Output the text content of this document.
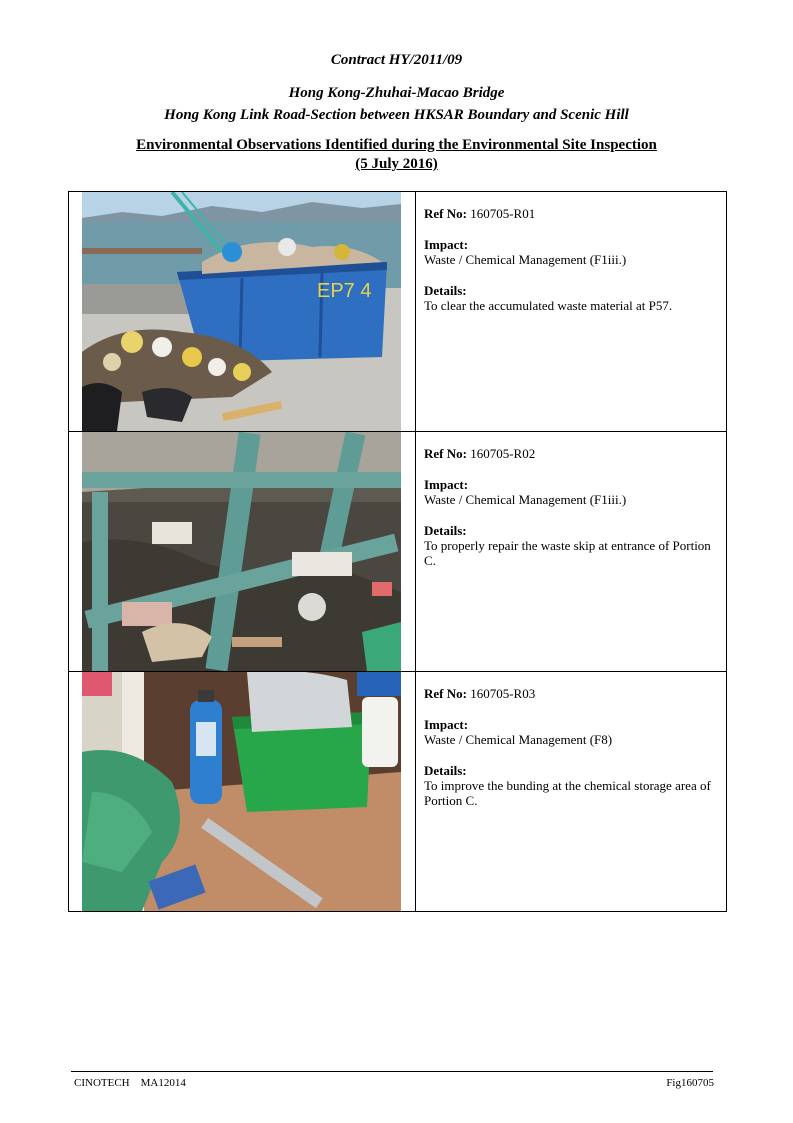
Contract HY/2011/09
Hong Kong-Zhuhai-Macao Bridge
Hong Kong Link Road-Section between HKSAR Boundary and Scenic Hill
Environmental Observations Identified during the Environmental Site Inspection
(5 July 2016)
EP7 4	Ref No: 160705-R01
Impact:
Waste / Chemical Management (F1iii.)
Details:
To clear the accumulated waste material at P57.

Ref No: 160705-R02
Impact:
Waste / Chemical Management (F1iii.)
Details:
To properly repair the waste skip at entrance of Portion C.

Ref No: 160705-R03
Impact:
Waste / Chemical Management (F8)
Details:
To improve the bunding at the chemical storage area of Portion C.
CINOTECH    MA12014	Fig160705
